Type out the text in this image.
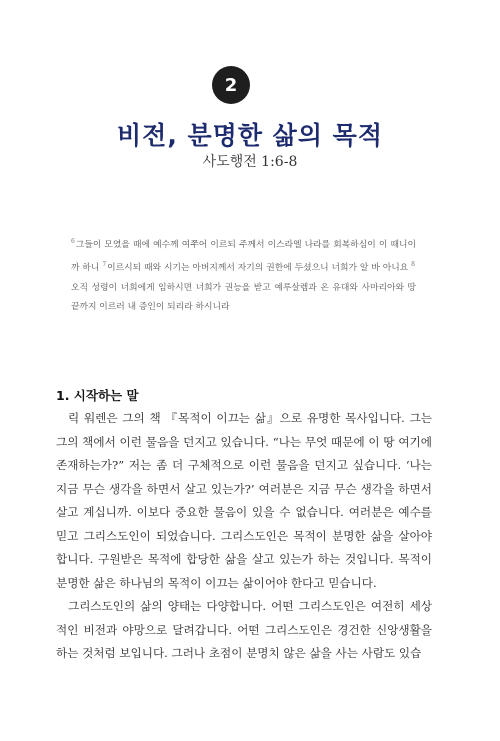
2
비전, 분명한 삶의 목적
사도행전 1:6-8
$^6$그들이 모였을 때에 예수께 여쭈어 이르되 주께서 이스라엘 나라를 회복하심이 이 때니이까 하니 $^7$이르시되 때와 시기는 아버지께서 자기의 권한에 두셨으니 너희가 알 바 아니요 $^8$오직 성령이 너희에게 임하시면 너희가 권능을 받고 예루살렘과 온 유대와 사마리아와 땅 끝까지 이르러 내 증인이 되리라 하시니라
1. 시작하는 말

릭 워렌은 그의 책 『목적이 이끄는 삶』으로 유명한 목사입니다. 그는 그의 책에서 이런 물음을 던지고 있습니다. “나는 무엇 때문에 이 땅 여기에 존재하는가?” 저는 좀 더 구체적으로 이런 물음을 던지고 싶습니다. ‘나는 지금 무슨 생각을 하면서 살고 있는가?’ 여러분은 지금 무슨 생각을 하면서 살고 계십니까. 이보다 중요한 물음이 있을 수 없습니다. 여러분은 예수를 믿고 그리스도인이 되었습니다. 그리스도인은 목적이 분명한 삶을 살아야 합니다. 구원받은 목적에 합당한 삶을 살고 있는가 하는 것입니다. 목적이 분명한 삶은 하나님의 목적이 이끄는 삶이어야 한다고 믿습니다.

그리스도인의 삶의 양태는 다양합니다. 어떤 그리스도인은 여전히 세상적인 비전과 야망으로 달려갑니다. 어떤 그리스도인은 경건한 신앙생활을 하는 것처럼 보입니다. 그러나 초점이 분명치 않은 삶을 사는 사람도 있습
